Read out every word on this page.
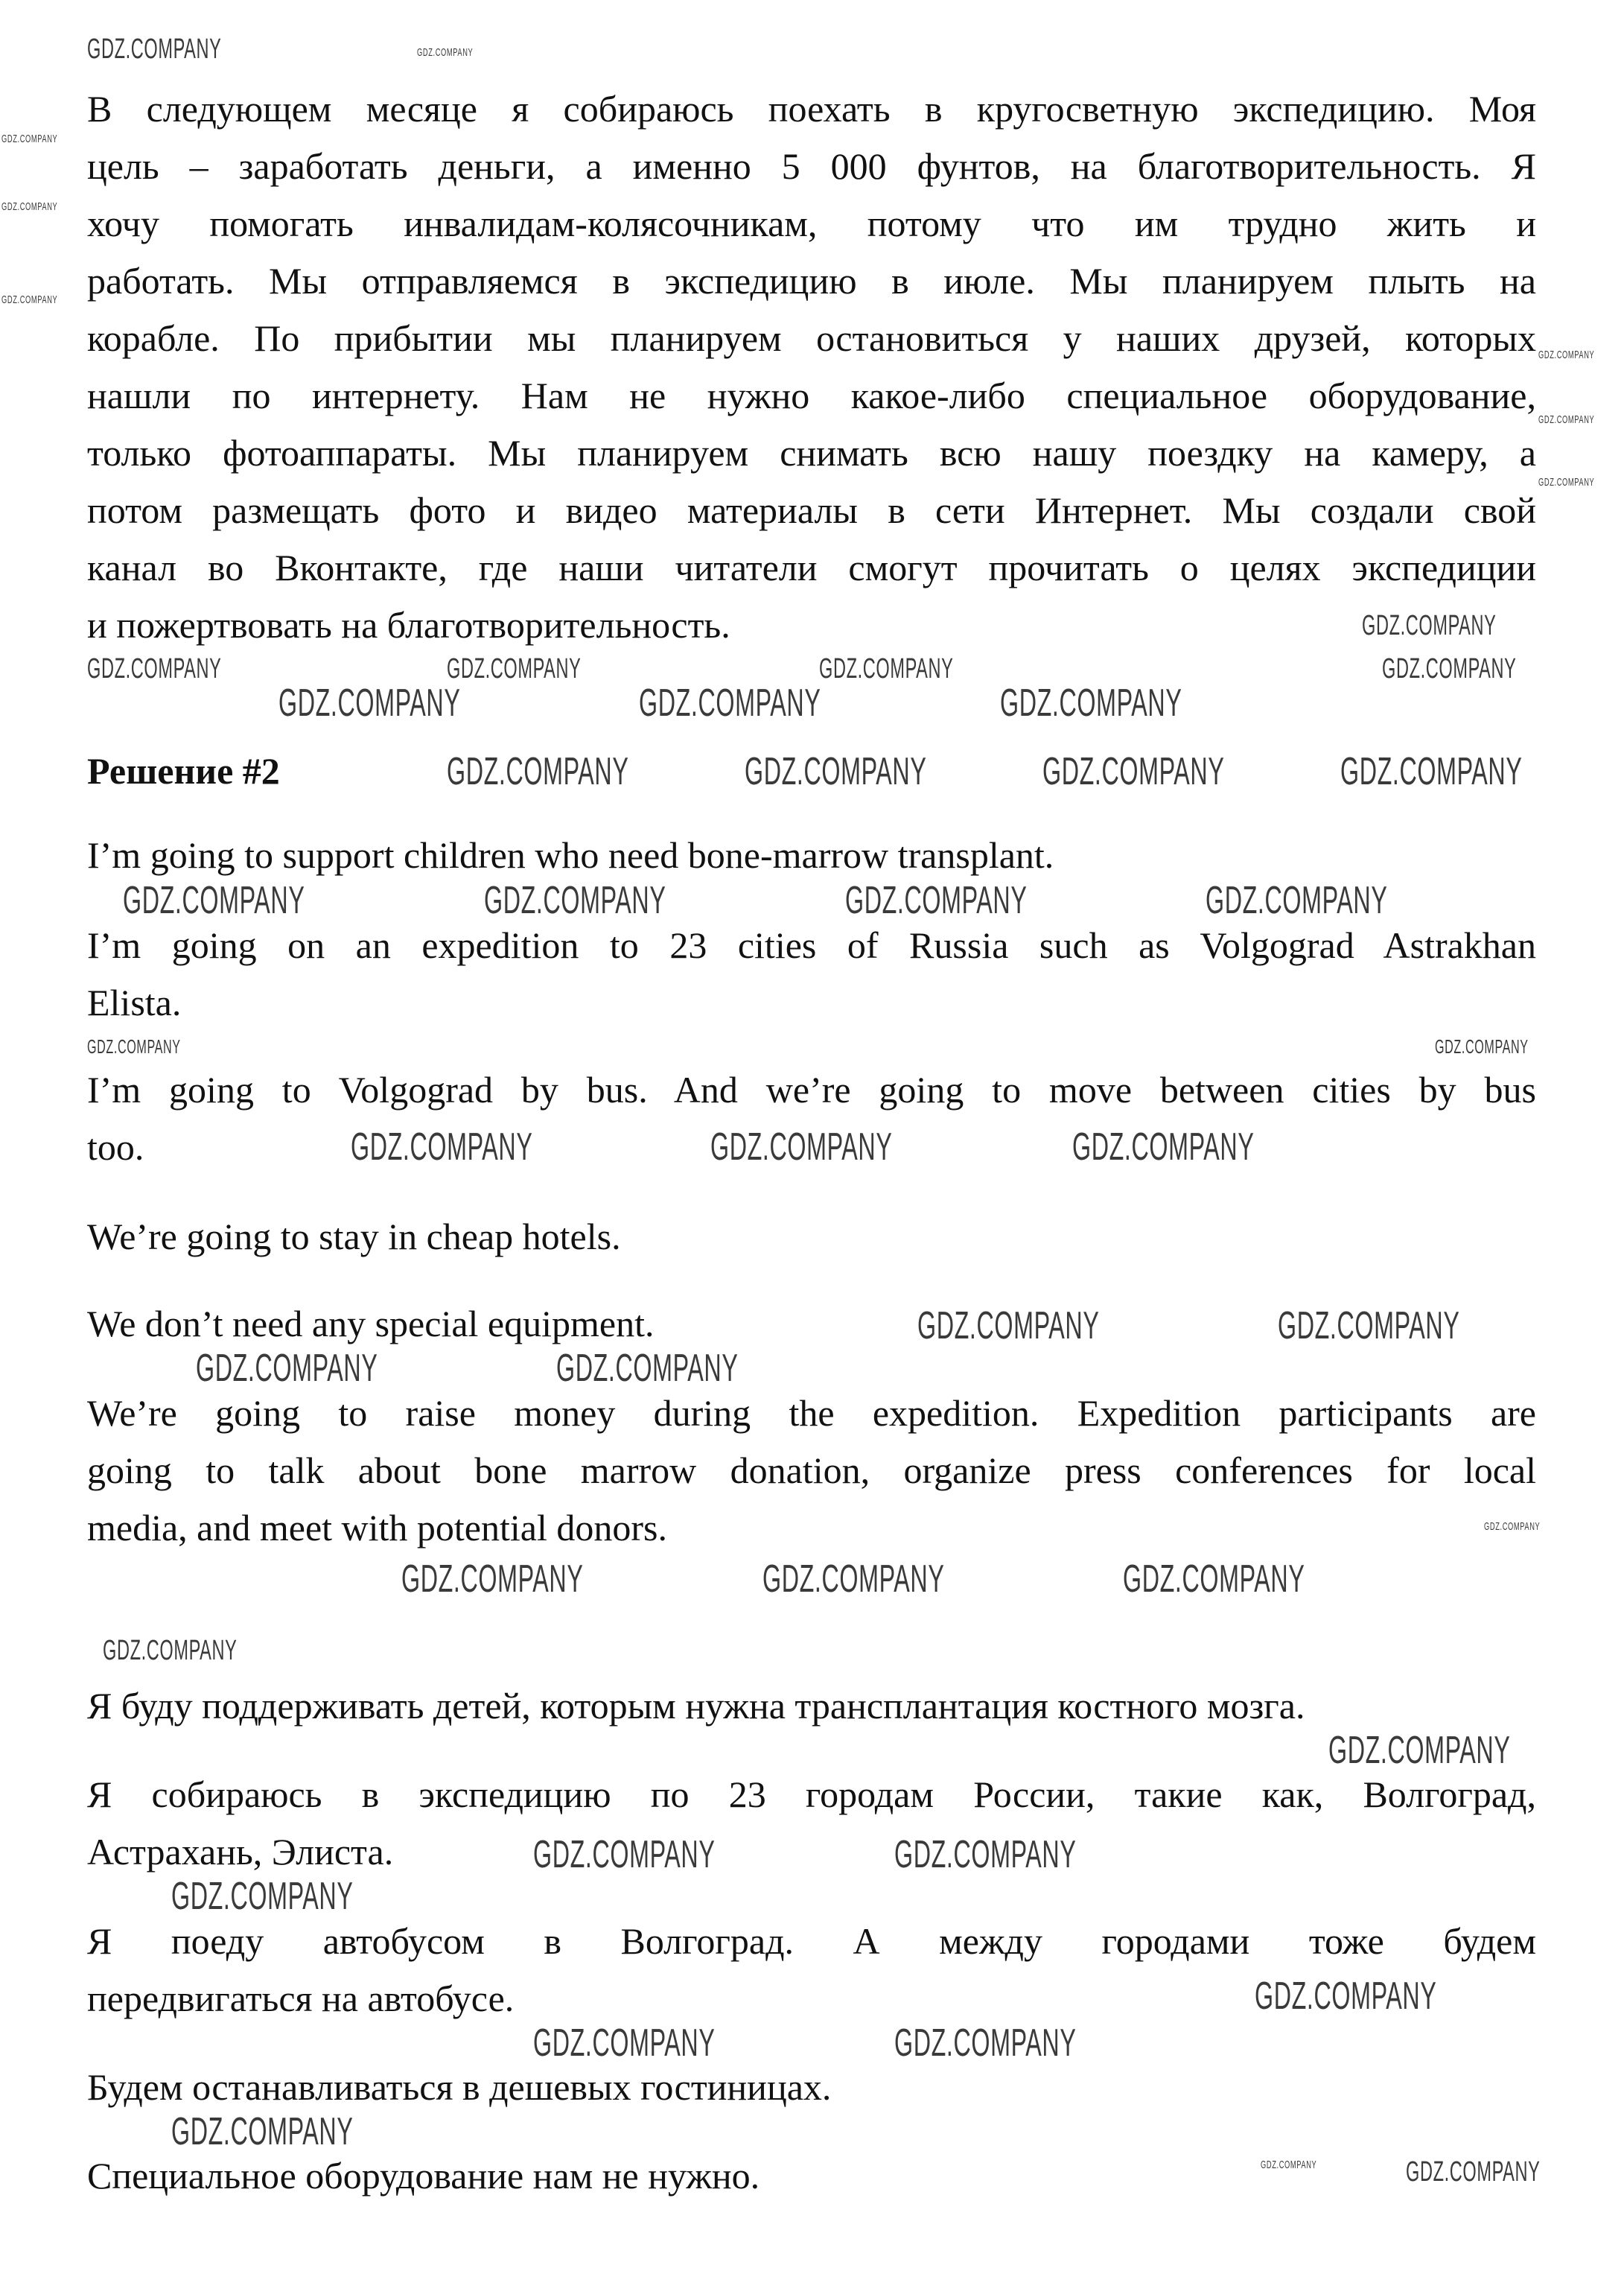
Решение #2
В следующем месяце я собираюсь поехать в кругосветную экспедицию. Моя
цель – заработать деньги, а именно 5 000 фунтов, на благотворительность. Я
хочу помогать инвалидам-колясочникам, потому что им трудно жить и
работать. Мы отправляемся в экспедицию в июле. Мы планируем плыть на
корабле. По прибытии мы планируем остановиться у наших друзей, которых
нашли по интернету. Нам не нужно какое-либо специальное оборудование,
только фотоаппараты. Мы планируем снимать всю нашу поездку на камеру, а
потом размещать фото и видео материалы в сети Интернет. Мы создали свой
канал во Вконтакте, где наши читатели смогут прочитать о целях экспедиции
и пожертвовать на благотворительность.
I’m going to support children who need bone-marrow transplant.
I’m going on an expedition to 23 cities of Russia such as Volgograd Astrakhan
Elista.
I’m going to Volgograd by bus. And we’re going to move between cities by bus
too.
We’re going to stay in cheap hotels.
We don’t need any special equipment.
We’re going to raise money during the expedition. Expedition participants are
going to talk about bone marrow donation, organize press conferences for local
media, and meet with potential donors.
Я буду поддерживать детей, которым нужна трансплантация костного мозга.
Я собираюсь в экспедицию по 23 городам России, такие как, Волгоград,
Астрахань, Элиста.
Я поеду автобусом в Волгоград. А между городами тоже будем
передвигаться на автобусе.
Будем останавливаться в дешевых гостиницах.
Специальное оборудование нам не нужно.
GDZ.COMPANY	GDZ.COMPANY
GDZ.COMPANY
GDZ.COMPANY
GDZ.COMPANY
GDZ.COMPANY
GDZ.COMPANY
GDZ.COMPANY
GDZ.COMPANY
GDZ.COMPANY	GDZ.COMPANY	GDZ.COMPANY	GDZ.COMPANY
GDZ.COMPANY	GDZ.COMPANY	GDZ.COMPANY
GDZ.COMPANY	GDZ.COMPANY	GDZ.COMPANY	GDZ.COMPANY
GDZ.COMPANY	GDZ.COMPANY	GDZ.COMPANY	GDZ.COMPANY
GDZ.COMPANY	GDZ.COMPANY
GDZ.COMPANY	GDZ.COMPANY	GDZ.COMPANY
GDZ.COMPANY	GDZ.COMPANY
GDZ.COMPANY	GDZ.COMPANY
GDZ.COMPANY
GDZ.COMPANY	GDZ.COMPANY	GDZ.COMPANY
GDZ.COMPANY
GDZ.COMPANY
GDZ.COMPANY	GDZ.COMPANY
GDZ.COMPANY
GDZ.COMPANY
GDZ.COMPANY	GDZ.COMPANY
GDZ.COMPANY
GDZ.COMPANY	GDZ.COMPANY
